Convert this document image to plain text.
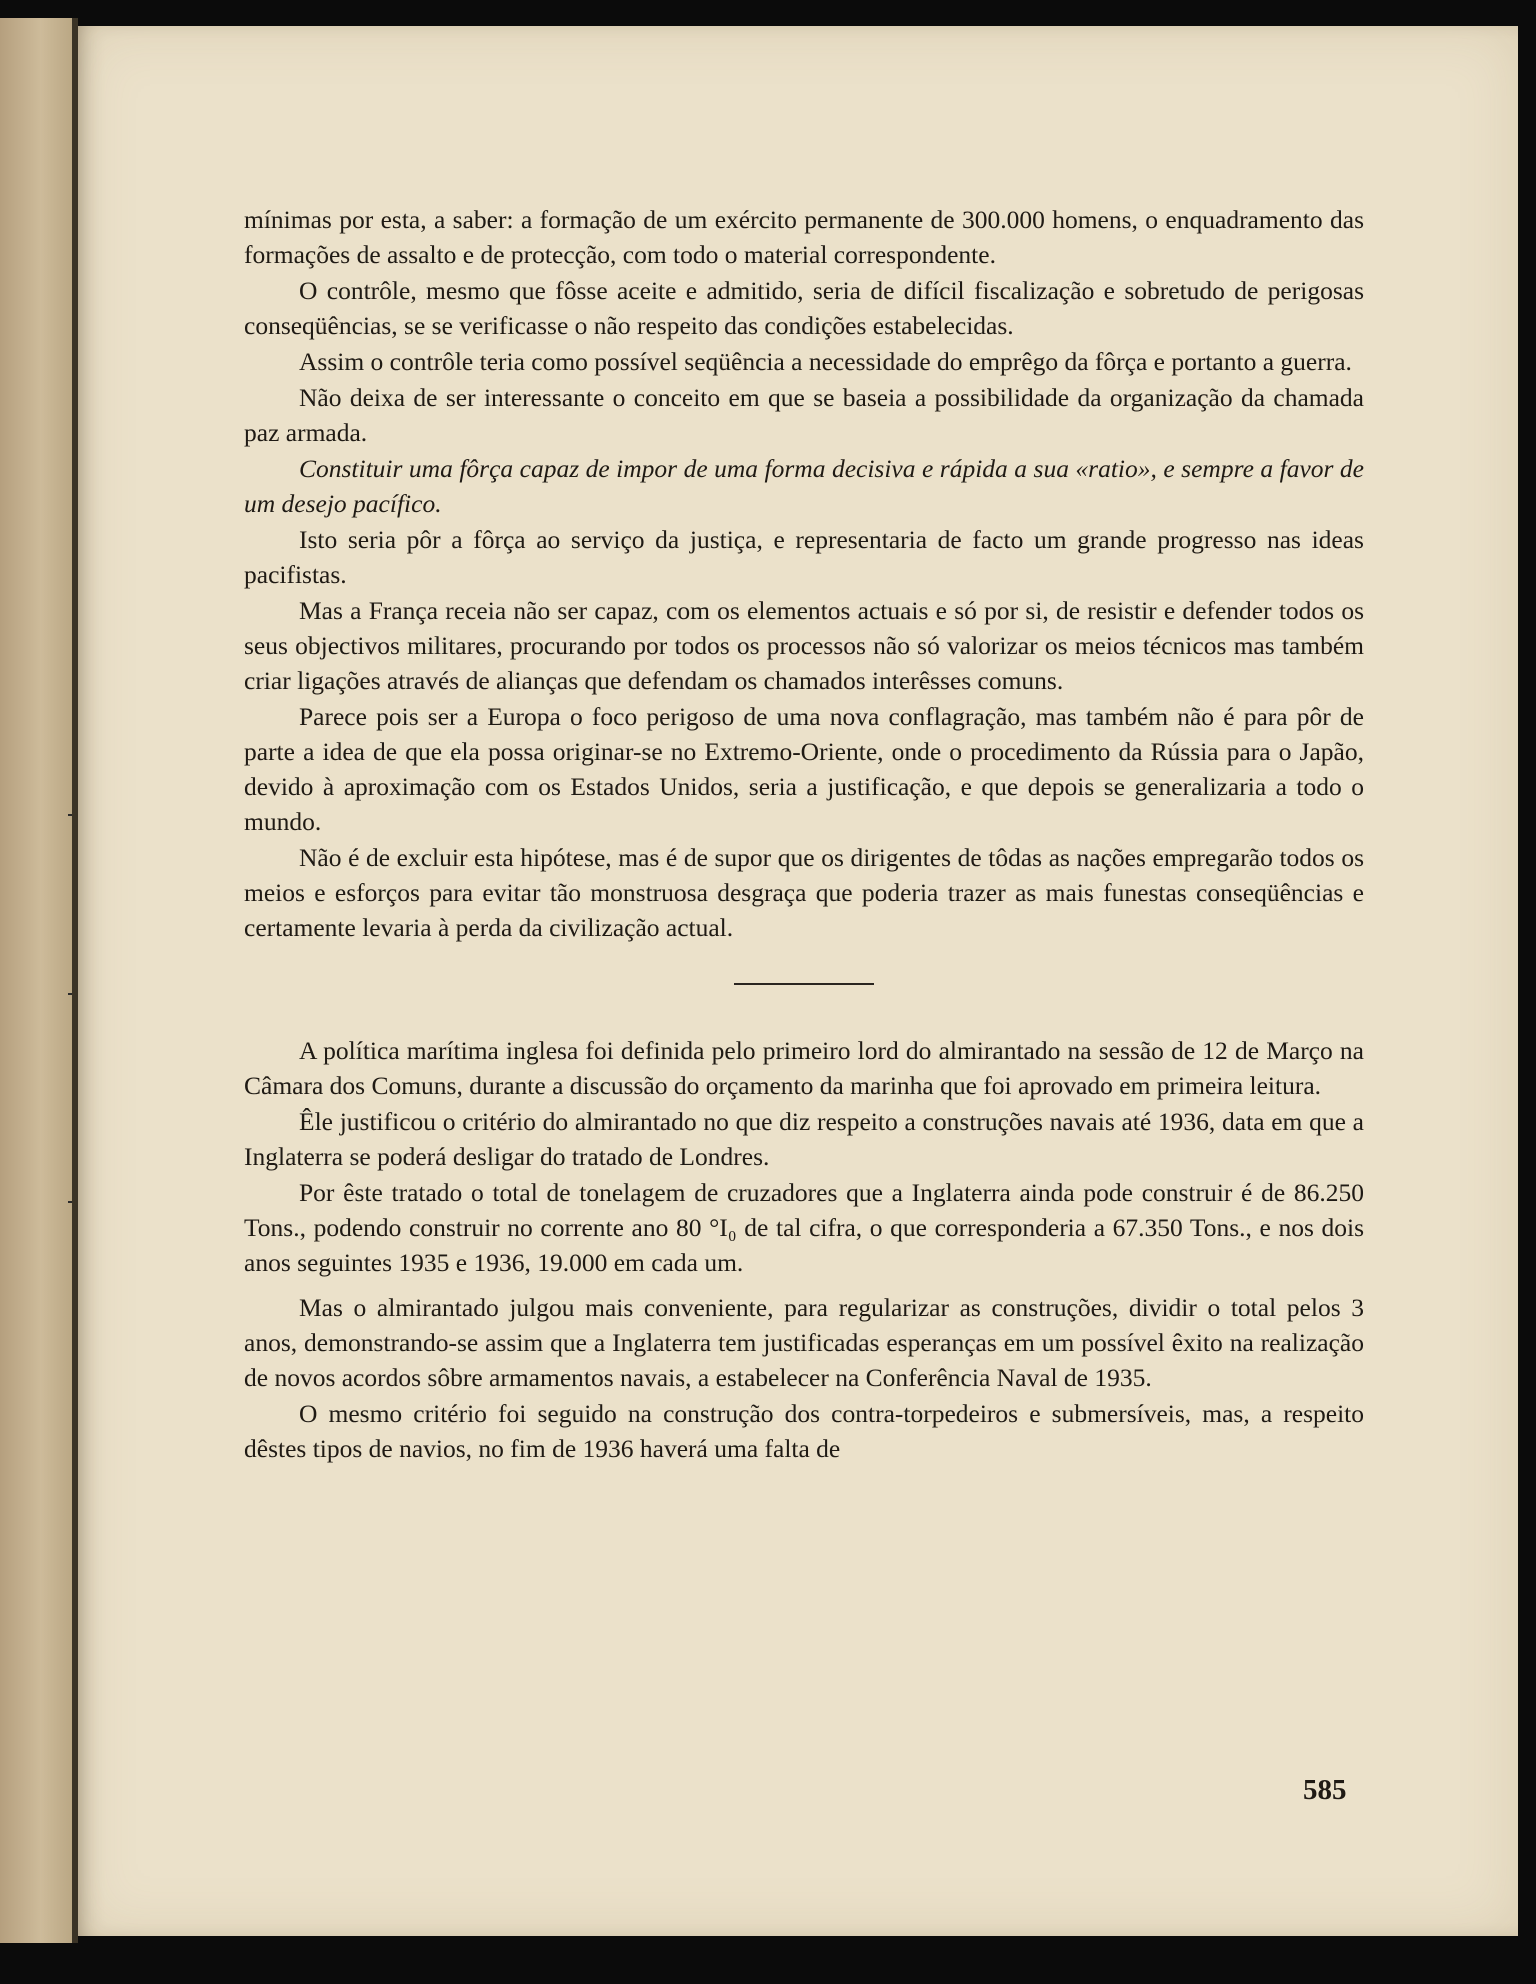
mínimas por esta, a saber: a formação de um exército permanente de 300.000 homens, o enquadramento das formações de assalto e de protecção, com todo o material correspondente.

O contrôle, mesmo que fôsse aceite e admitido, seria de difícil fiscalização e sobretudo de perigosas conseqüências, se se verificasse o não respeito das condições estabelecidas.

Assim o contrôle teria como possível seqüência a necessidade do emprêgo da fôrça e portanto a guerra.

Não deixa de ser interessante o conceito em que se baseia a possibilidade da organização da chamada paz armada.

Constituir uma fôrça capaz de impor de uma forma decisiva e rápida a sua «ratio», e sempre a favor de um desejo pacífico.

Isto seria pôr a fôrça ao serviço da justiça, e representaria de facto um grande progresso nas ideas pacifistas.

Mas a França receia não ser capaz, com os elementos actuais e só por si, de resistir e defender todos os seus objectivos militares, procurando por todos os processos não só valorizar os meios técnicos mas também criar ligações através de alianças que defendam os chamados interêsses comuns.

Parece pois ser a Europa o foco perigoso de uma nova conflagração, mas também não é para pôr de parte a idea de que ela possa originar-se no Extremo-Oriente, onde o procedimento da Rússia para o Japão, devido à aproximação com os Estados Unidos, seria a justificação, e que depois se generalizaria a todo o mundo.

Não é de excluir esta hipótese, mas é de supor que os dirigentes de tôdas as nações empregarão todos os meios e esforços para evitar tão monstruosa desgraça que poderia trazer as mais funestas conseqüências e certamente levaria à perda da civilização actual.

A política marítima inglesa foi definida pelo primeiro lord do almirantado na sessão de 12 de Março na Câmara dos Comuns, durante a discussão do orçamento da marinha que foi aprovado em primeira leitura.

Êle justificou o critério do almirantado no que diz respeito a construções navais até 1936, data em que a Inglaterra se poderá desligar do tratado de Londres.

Por êste tratado o total de tonelagem de cruzadores que a Inglaterra ainda pode construir é de 86.250 Tons., podendo construir no corrente ano 80 °I₀ de tal cifra, o que corresponderia a 67.350 Tons., e nos dois anos seguintes 1935 e 1936, 19.000 em cada um.

Mas o almirantado julgou mais conveniente, para regularizar as construções, dividir o total pelos 3 anos, demonstrando-se assim que a Inglaterra tem justificadas esperanças em um possível êxito na realização de novos acordos sôbre armamentos navais, a estabelecer na Conferência Naval de 1935.

O mesmo critério foi seguido na construção dos contra-torpedeiros e submersíveis, mas, a respeito dêstes tipos de navios, no fim de 1936 haverá uma falta de

585
